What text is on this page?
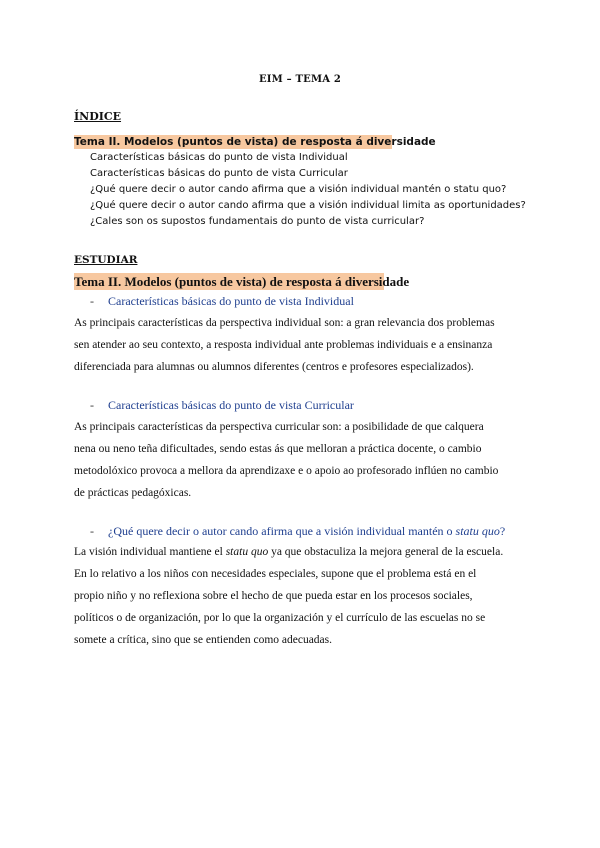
EIM – TEMA 2
ÍNDICE
Tema II. Modelos (puntos de vista) de resposta á diversidade
Características básicas do punto de vista Individual
Características básicas do punto de vista Curricular
¿Qué quere decir o autor cando afirma que a visión individual mantén o statu quo?
¿Qué quere decir o autor cando afirma que a visión individual limita as oportunidades?
¿Cales son os supostos fundamentais do punto de vista curricular?
ESTUDIAR
Tema II. Modelos (puntos de vista) de resposta á diversidade
- Características básicas do punto de vista Individual
As principais características da perspectiva individual son: a gran relevancia dos problemas
sen atender ao seu contexto, a resposta individual ante problemas individuais e a ensinanza
diferenciada para alumnas ou alumnos diferentes (centros e profesores especializados).
- Características básicas do punto de vista Curricular
As principais características da perspectiva curricular son: a posibilidade de que calquera
nena ou neno teña dificultades, sendo estas ás que melloran a práctica docente, o cambio
metodolóxico provoca a mellora da aprendizaxe e o apoio ao profesorado inflúen no cambio
de prácticas pedagóxicas.
- ¿Qué quere decir o autor cando afirma que a visión individual mantén o statu quo?
La visión individual mantiene el statu quo ya que obstaculiza la mejora general de la escuela.
En lo relativo a los niños con necesidades especiales, supone que el problema está en el
propio niño y no reflexiona sobre el hecho de que pueda estar en los procesos sociales,
políticos o de organización, por lo que la organización y el currículo de las escuelas no se
somete a crítica, sino que se entienden como adecuadas.
